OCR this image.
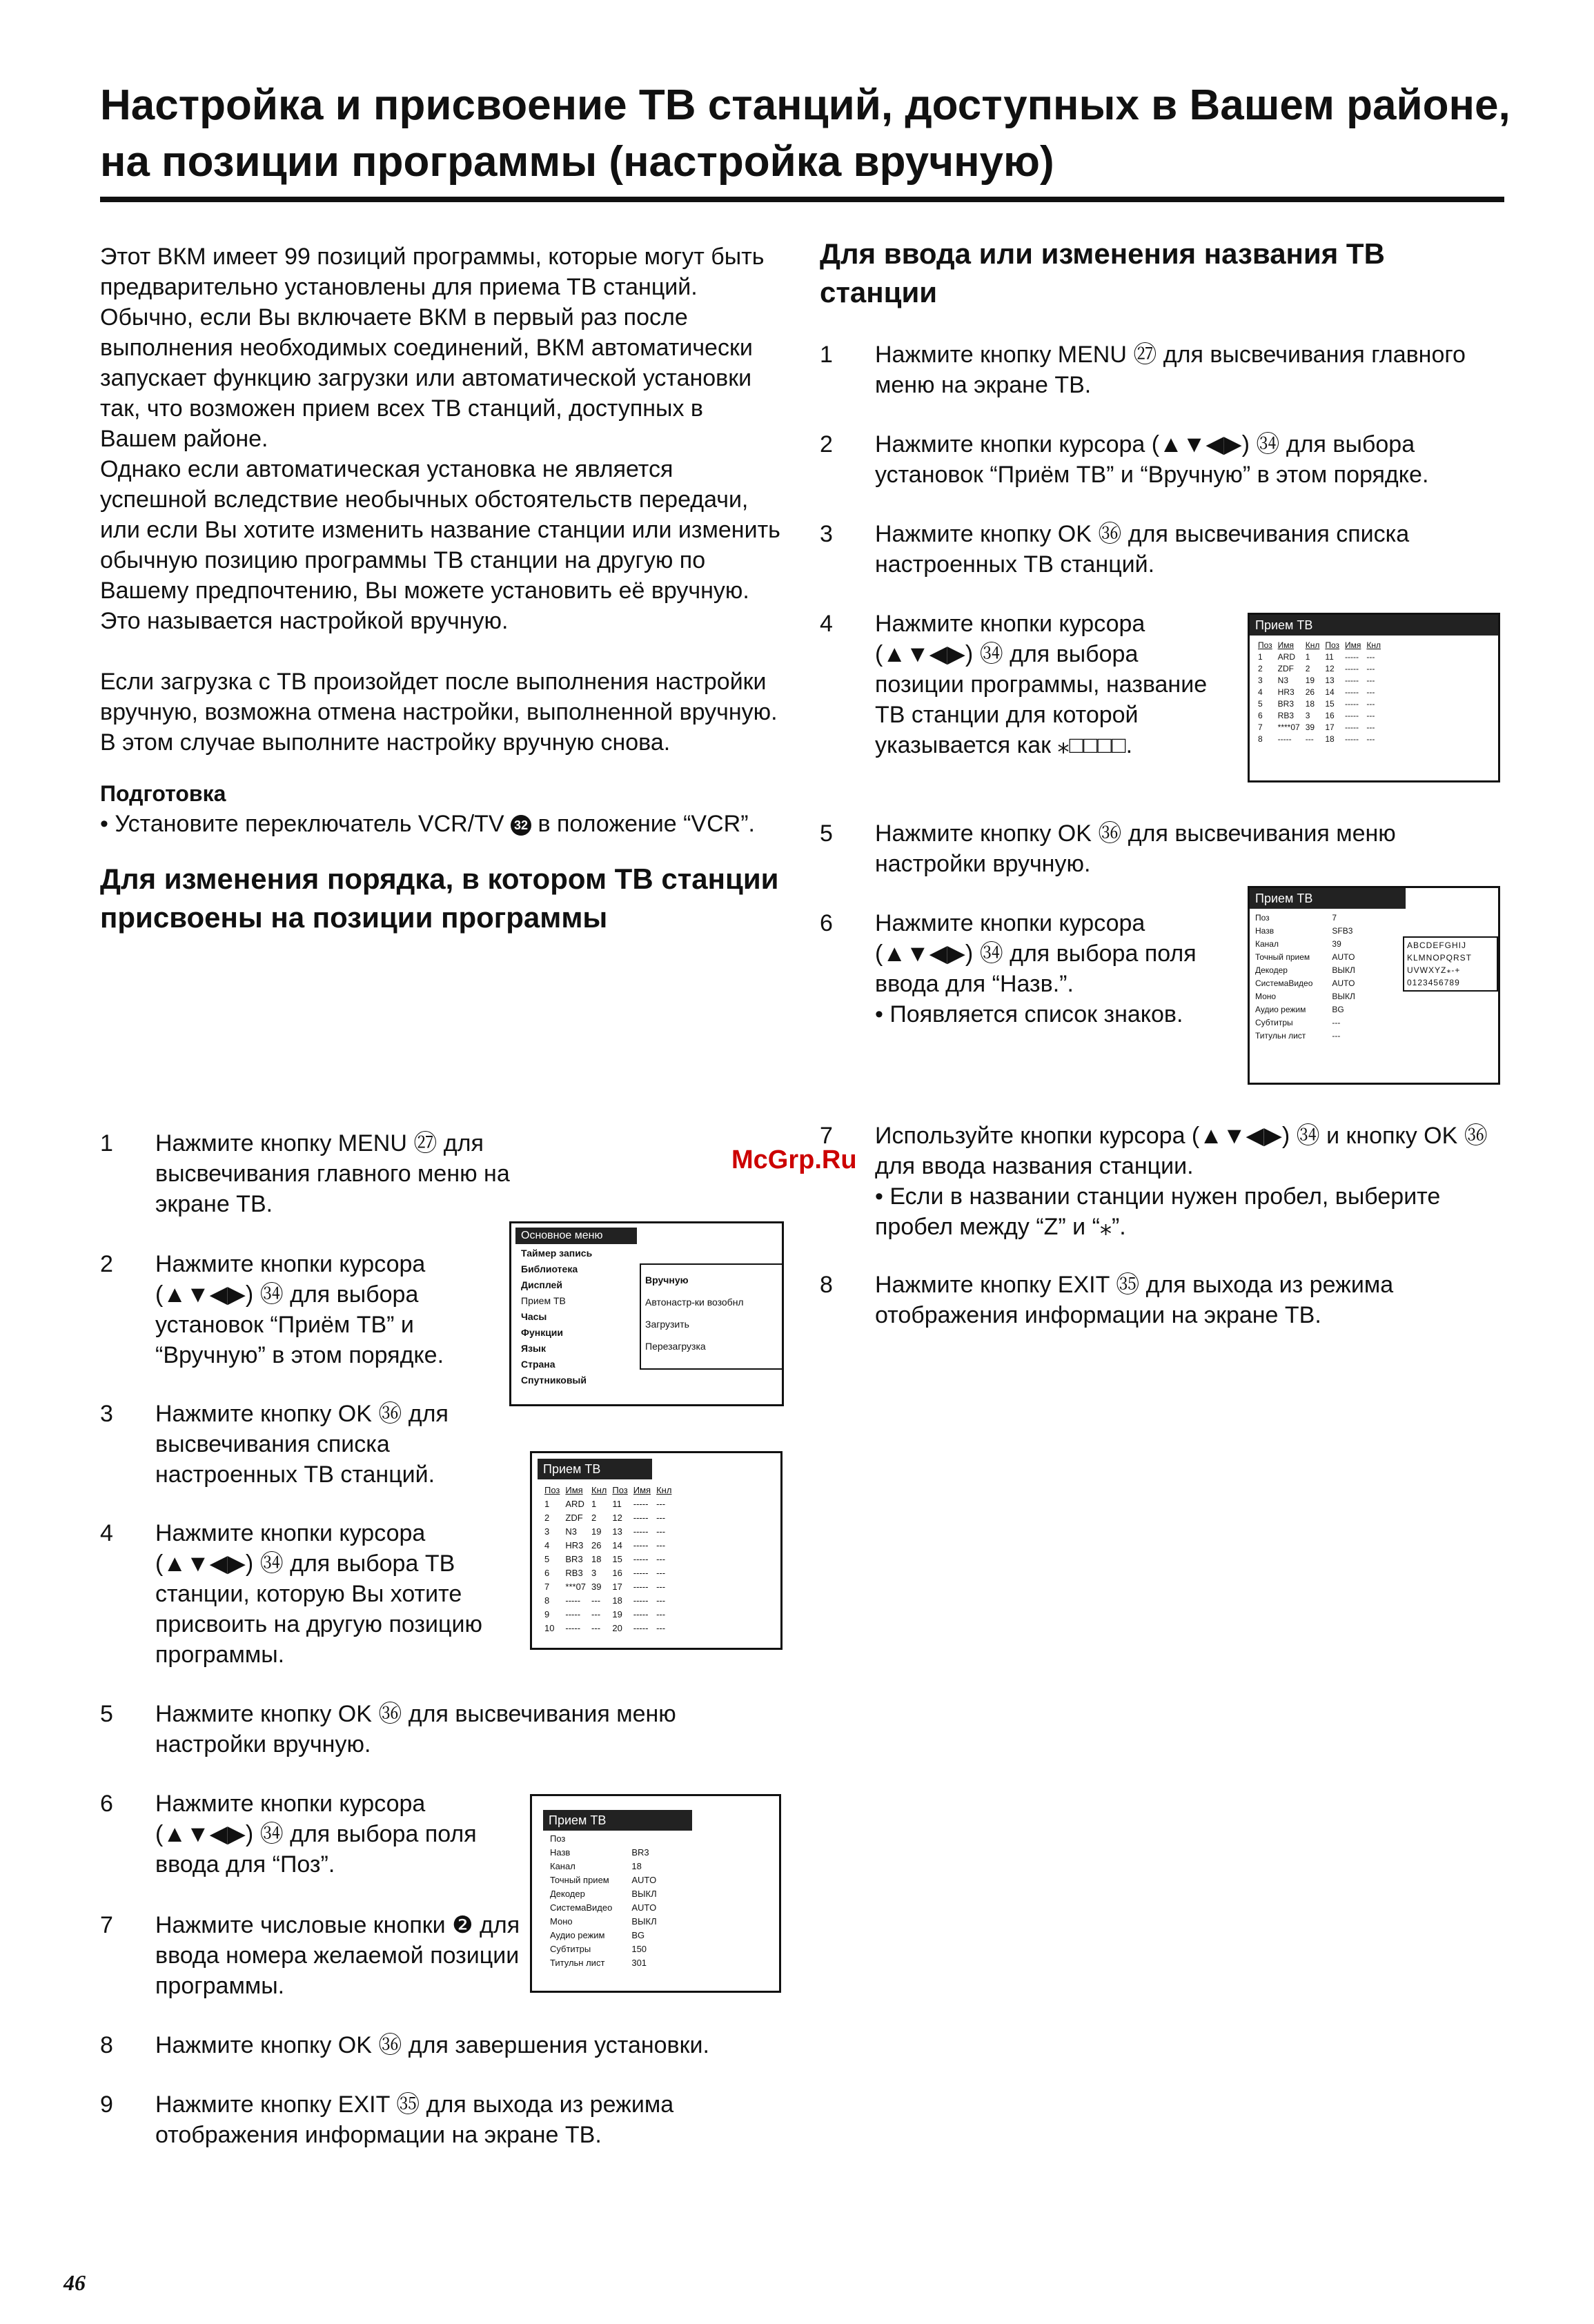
Настройка и присвоение ТВ станций, доступных в Вашем районе, на позиции программы (настройка вручную)

Этот ВКМ имеет 99 позиций программы, которые могут быть предварительно установлены для приема ТВ станций.

Обычно, если Вы включаете ВКМ в первый раз после выполнения необходимых соединений, ВКМ автоматически запускает функцию загрузки или автоматической установки так, что возможен прием всех ТВ станций, доступных в Вашем районе.

Однако если автоматическая установка не является успешной вследствие необычных обстоятельств передачи, или если Вы хотите изменить название станции или изменить обычную позицию программы ТВ станции на другую по Вашему предпочтению, Вы можете установить её вручную. Это называется настройкой вручную.

Если загрузка с ТВ произойдет после выполнения настройки вручную, возможна отмена настройки, выполненной вручную.

В этом случае выполните настройку вручную снова.

Подготовка

• Установите переключатель VCR/TV 32 в положение “VCR”.

Для изменения порядка, в котором ТВ станции присвоены на позиции программы

1	Нажмите кнопку MENU ㉗ для высвечивания главного меню на экране ТВ.
2	Нажмите кнопки курсора (▲▼◀▶) ㉞ для выбора установок “Приём ТВ” и “Вручную” в этом порядке.
3	Нажмите кнопку OK ㊱ для высвечивания списка настроенных ТВ станций.
4	Нажмите кнопки курсора (▲▼◀▶) ㉞ для выбора ТВ станции, которую Вы хотите присвоить на другую позицию программы.
5	Нажмите кнопку OK ㊱ для высвечивания меню настройки вручную.
6	Нажмите кнопки курсора (▲▼◀▶) ㉞ для выбора поля ввода для “Поз”.
7	Нажмите числовые кнопки ❷ для ввода номера желаемой позиции программы.
8	Нажмите кнопку OK ㊱ для завершения установки.
9	Нажмите кнопку EXIT ㉟ для выхода из режима отображения информации на экране ТВ.
Основное меню
Таймер запись
Библиотека
Дисплей
Прием ТВ
Часы
Функции
Язык
Страна
Спутниковый
Вручную
Автонастр-ки возобнл
Загрузить
Перезагрузка
Прием ТВ
Поз	Имя	Кнл	Поз	Имя	Кнл
1	ARD	1	11	-----	---
2	ZDF	2	12	-----	---
3	N3	19	13	-----	---
4	HR3	26	14	-----	---
5	BR3	18	15	-----	---
6	RB3	3	16	-----	---
7	***07	39	17	-----	---
8	-----	---	18	-----	---
9	-----	---	19	-----	---
10	-----	---	20	-----	---
Прием ТВ
Поз	
Назв	BR3
Канал	18
Точный прием	AUTO
Декодер	ВЫКЛ
СистемаВидео	AUTO
Моно	ВЫКЛ
Аудио режим	BG
Субтитры	150
Титульн лист	301

Для ввода или изменения названия ТВ станции

1	Нажмите кнопку MENU ㉗ для высвечивания главного меню на экране ТВ.
2	Нажмите кнопки курсора (▲▼◀▶) ㉞ для выбора установок “Приём ТВ” и “Вручную” в этом порядке.
3	Нажмите кнопку OK ㊱ для высвечивания списка настроенных ТВ станций.
4	Нажмите кнопки курсора (▲▼◀▶) ㉞ для выбора позиции программы, название ТВ станции для которой указывается как ⁎□□□□.
5	Нажмите кнопку OK ㊱ для высвечивания меню настройки вручную.
6	Нажмите кнопки курсора (▲▼◀▶) ㉞ для выбора поля ввода для “Назв.”.
• Появляется список знаков.
7	Используйте кнопки курсора (▲▼◀▶) ㉞ и кнопку OK ㊱ для ввода названия станции.

• Если в названии станции нужен пробел, выберите пробел между “Z” и “⁎”.
8	Нажмите кнопку EXIT ㉟ для выхода из режима отображения информации на экране ТВ.
Прием ТВ
Поз	Имя	Кнл	Поз	Имя	Кнл
1	ARD	1	11	-----	---
2	ZDF	2	12	-----	---
3	N3	19	13	-----	---
4	HR3	26	14	-----	---
5	BR3	18	15	-----	---
6	RB3	3	16	-----	---
7	****07	39	17	-----	---
8	-----	---	18	-----	---
Прием ТВ
Поз	7
Назв	SFB3
Канал	39
Точный прием	AUTO
Декодер	ВЫКЛ
СистемаВидео	AUTO
Моно	ВЫКЛ
Аудио режим	BG
Субтитры	---
Титульн лист	---
ABCDEFGHIJ
KLMNOPQRST
UVWXYZ⁎-+
0123456789
McGrp.Ru
46
